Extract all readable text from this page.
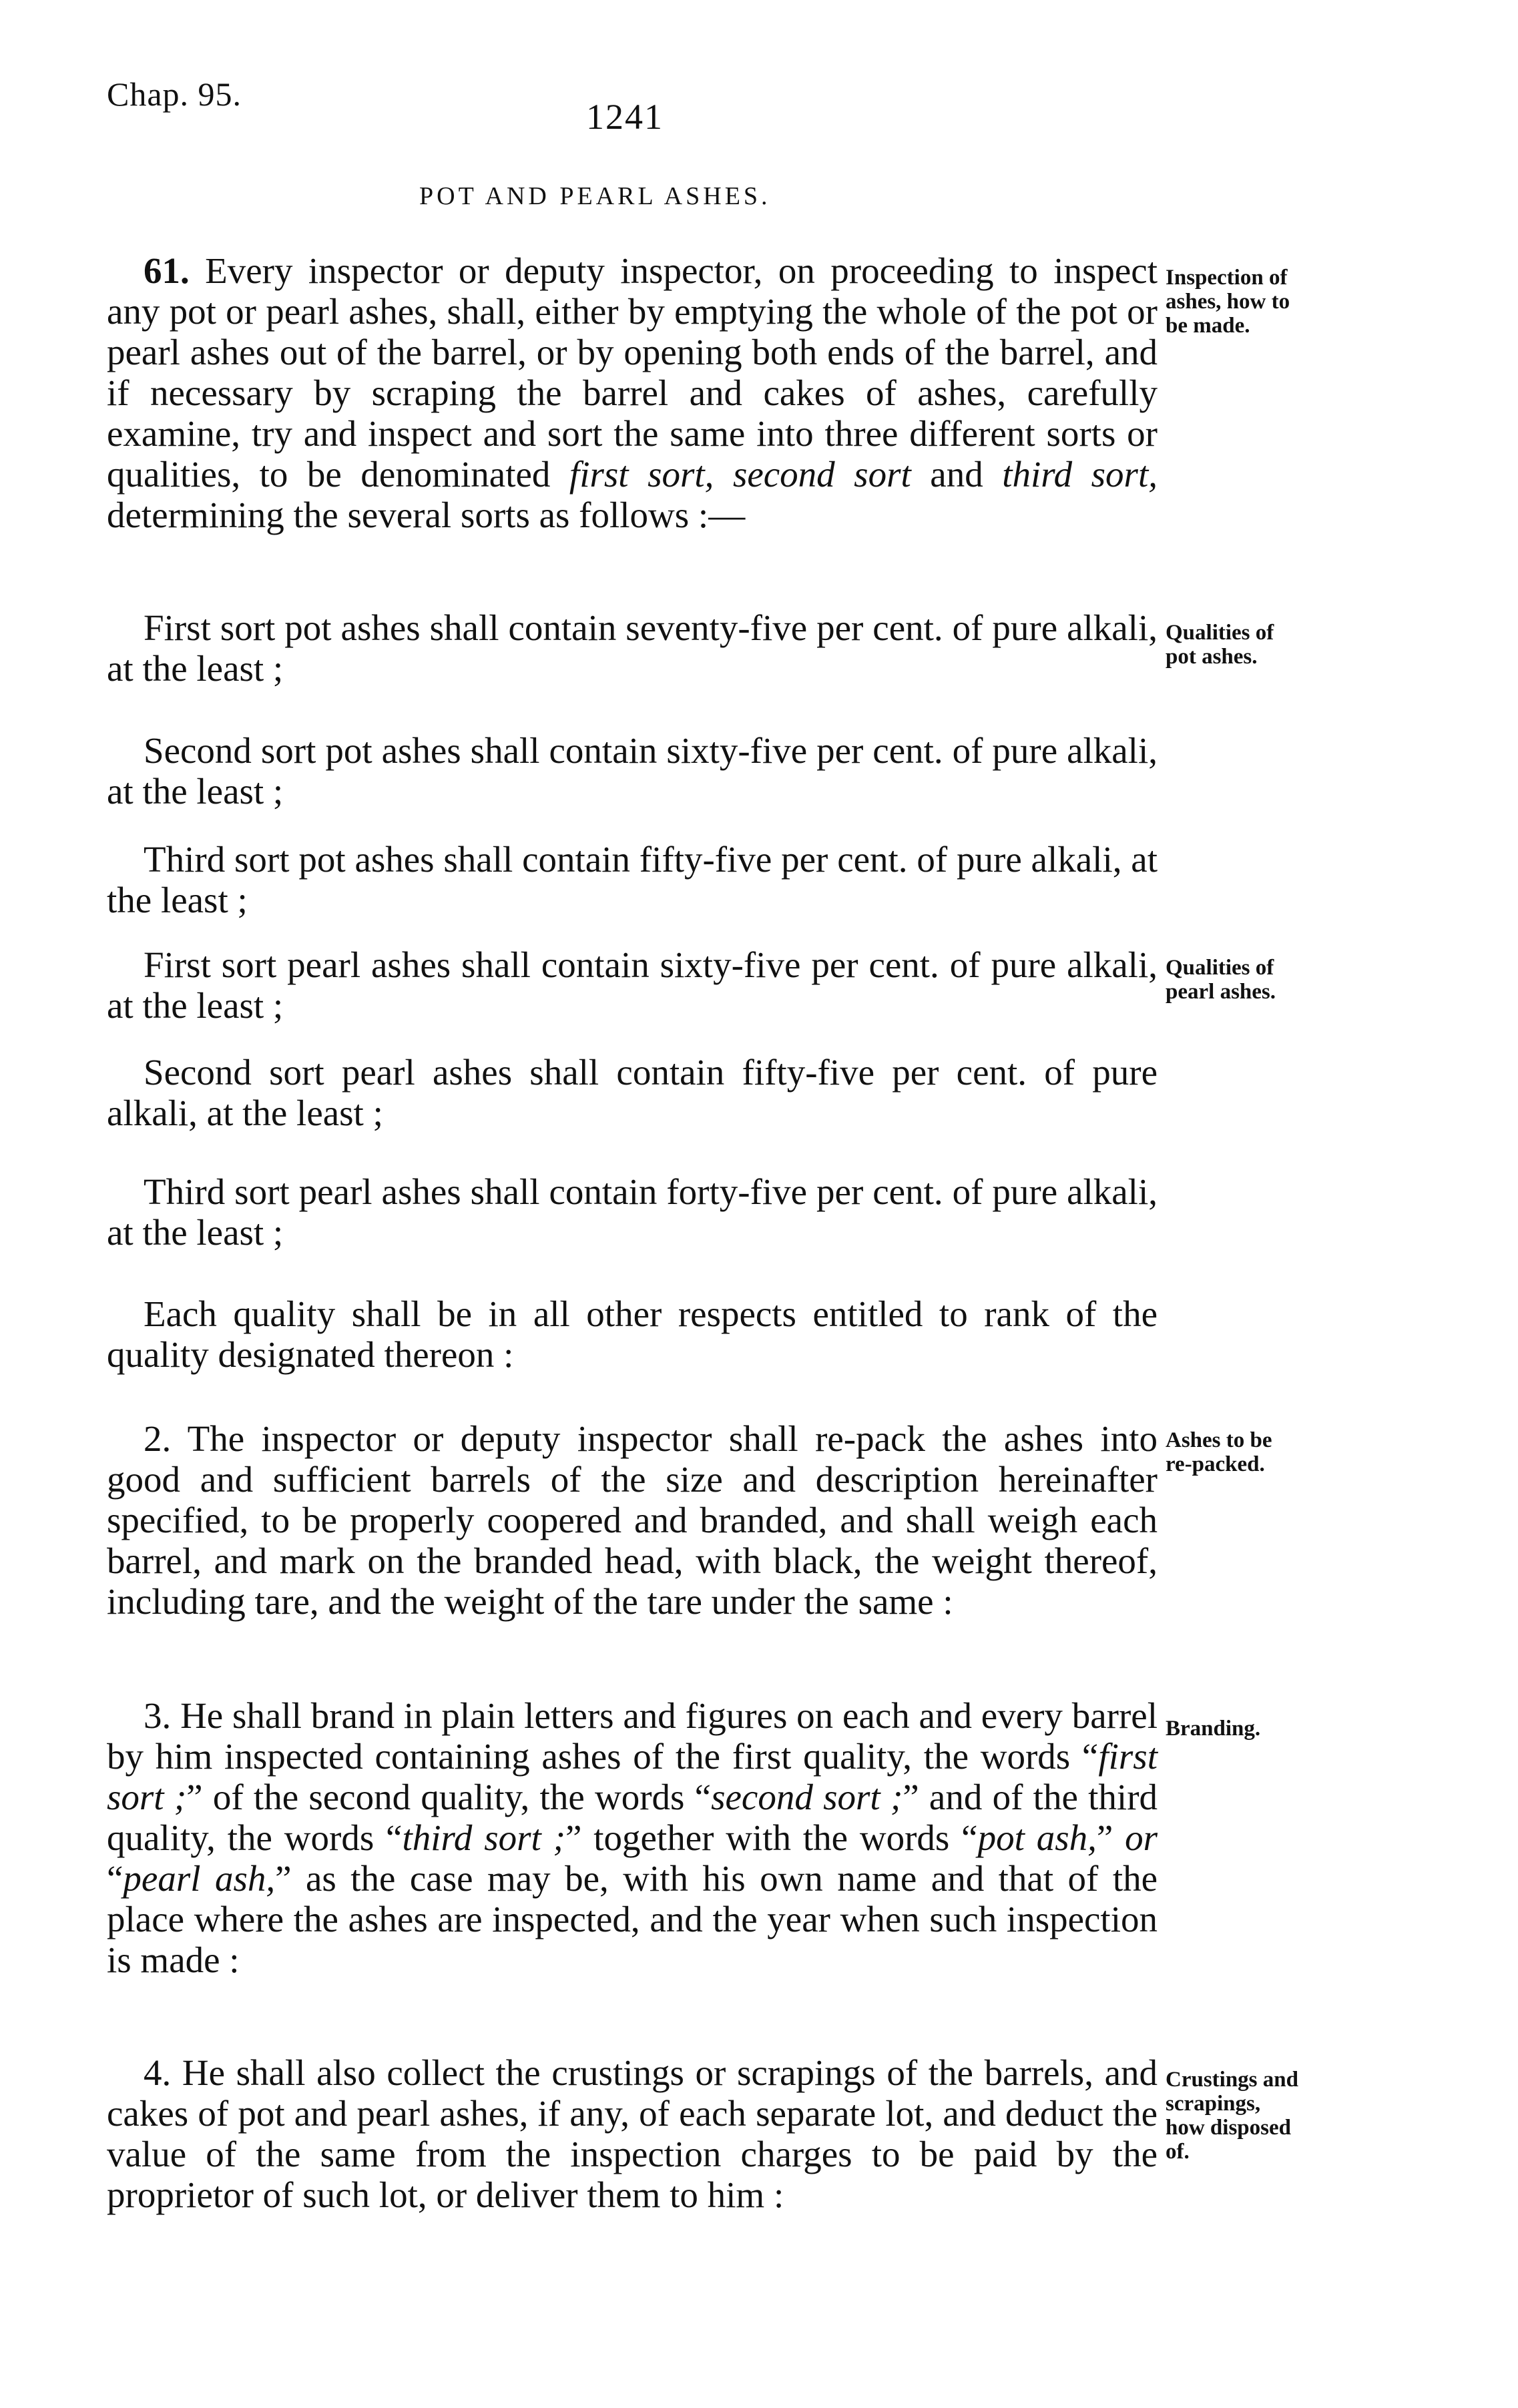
Chap. 95.
1241
POT AND PEARL ASHES.

61. Every inspector or deputy inspector, on proceeding to inspect any pot or pearl ashes, shall, either by emptying the whole of the pot or pearl ashes out of the barrel, or by opening both ends of the barrel, and if necessary by scraping the barrel and cakes of ashes, carefully examine, try and inspect and sort the same into three different sorts or qualities, to be denominated first sort, second sort and third sort, determining the several sorts as follows :—

Inspection of
ashes, how to
be made.

First sort pot ashes shall contain seventy-five per cent. of pure alkali, at the least ;

Qualities of
pot ashes.

Second sort pot ashes shall contain sixty-five per cent. of pure alkali, at the least ;

Third sort pot ashes shall contain fifty-five per cent. of pure alkali, at the least ;

First sort pearl ashes shall contain sixty-five per cent. of pure alkali, at the least ;

Qualities of
pearl ashes.

Second sort pearl ashes shall contain fifty-five per cent. of pure alkali, at the least ;

Third sort pearl ashes shall contain forty-five per cent. of pure alkali, at the least ;

Each quality shall be in all other respects entitled to rank of the quality designated thereon :

2. The inspector or deputy inspector shall re-pack the ashes into good and sufficient barrels of the size and description hereinafter specified, to be properly coopered and branded, and shall weigh each barrel, and mark on the branded head, with black, the weight thereof, including tare, and the weight of the tare under the same :

Ashes to be
re-packed.

3. He shall brand in plain letters and figures on each and every barrel by him inspected containing ashes of the first quality, the words “first sort ;” of the second quality, the words “second sort ;” and of the third quality, the words “third sort ;” together with the words “pot ash,” or “pearl ash,” as the case may be, with his own name and that of the place where the ashes are inspected, and the year when such inspection is made :

Branding.

4. He shall also collect the crustings or scrapings of the barrels, and cakes of pot and pearl ashes, if any, of each separate lot, and deduct the value of the same from the inspection charges to be paid by the proprietor of such lot, or deliver them to him :

Crustings and
scrapings,
how disposed
of.
